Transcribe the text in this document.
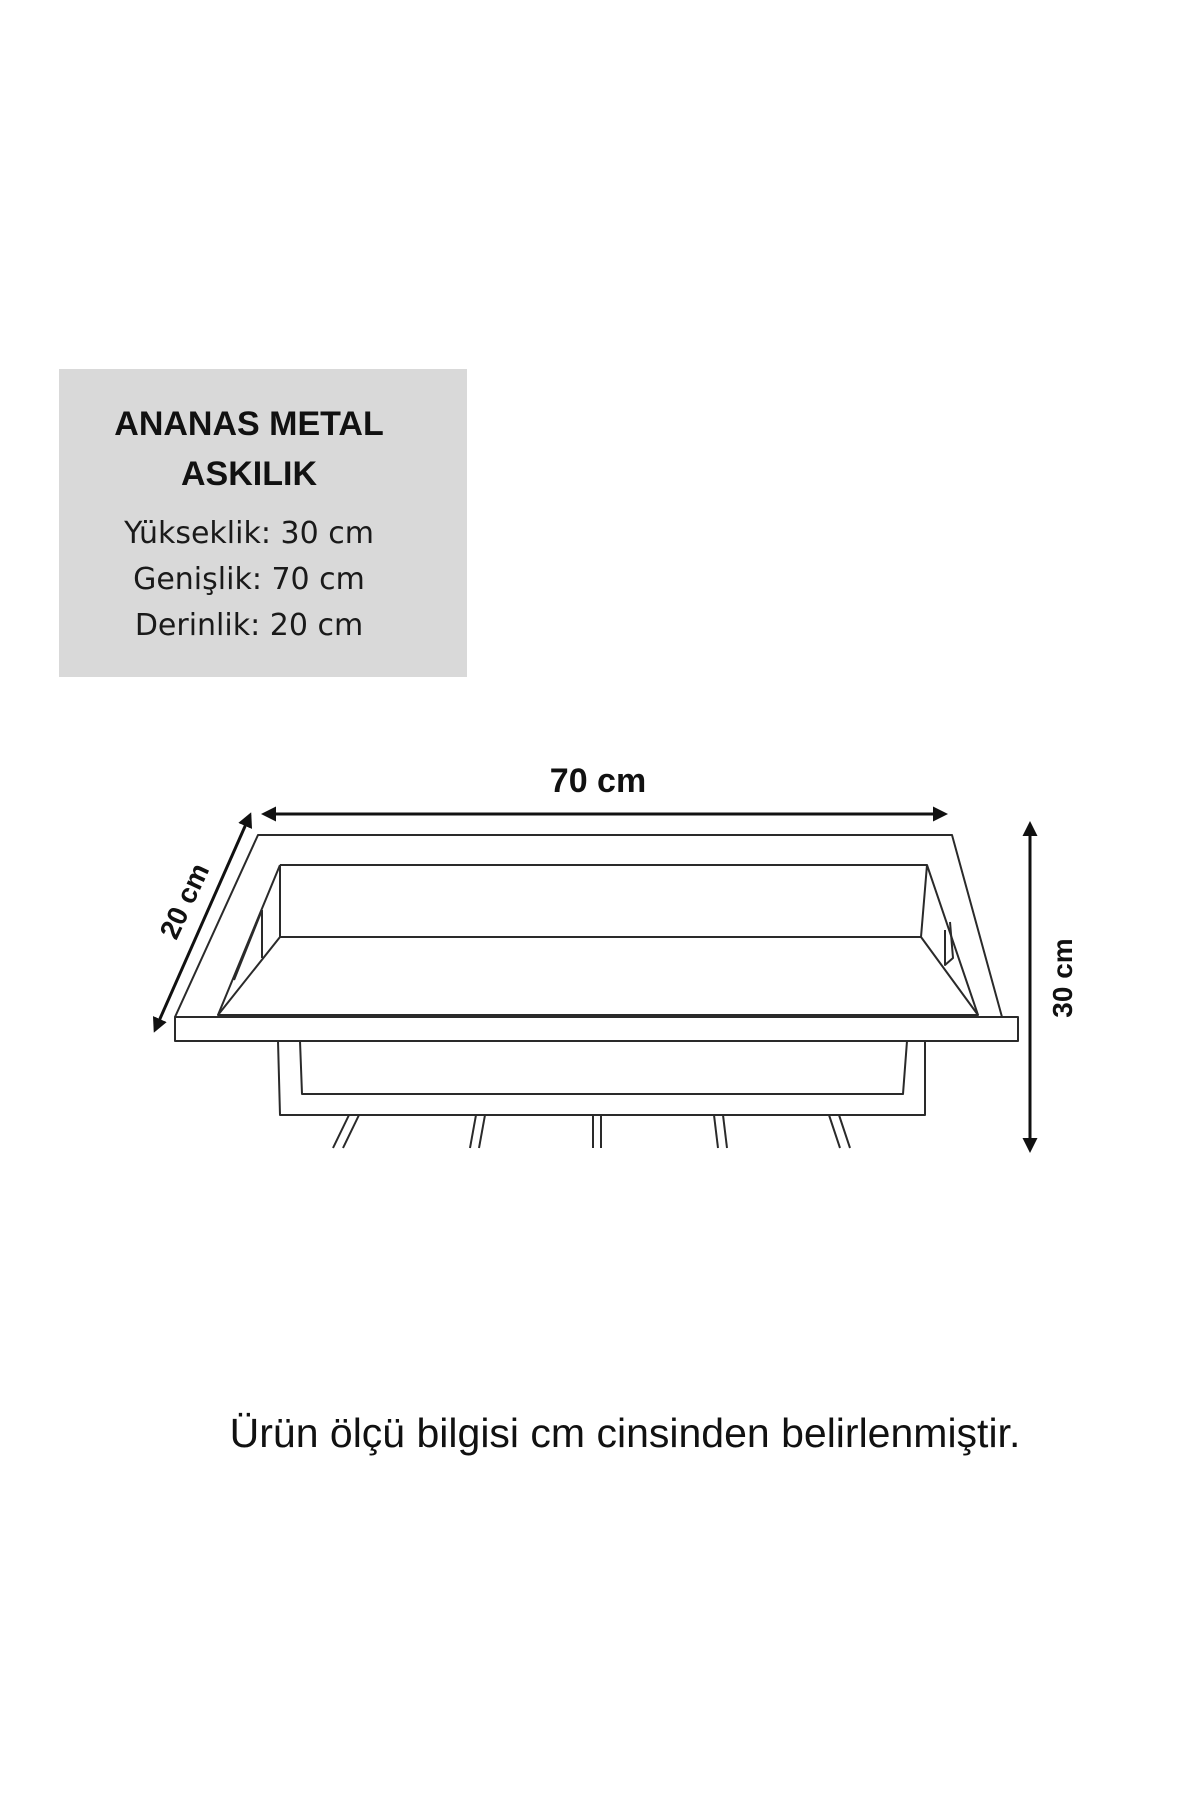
ANANAS METAL
ASKILIK
Yükseklik: 30 cm
Genişlik: 70 cm
Derinlik: 20 cm
70 cm
20 cm
30 cm
Ürün ölçü bilgisi cm cinsinden belirlenmiştir.
